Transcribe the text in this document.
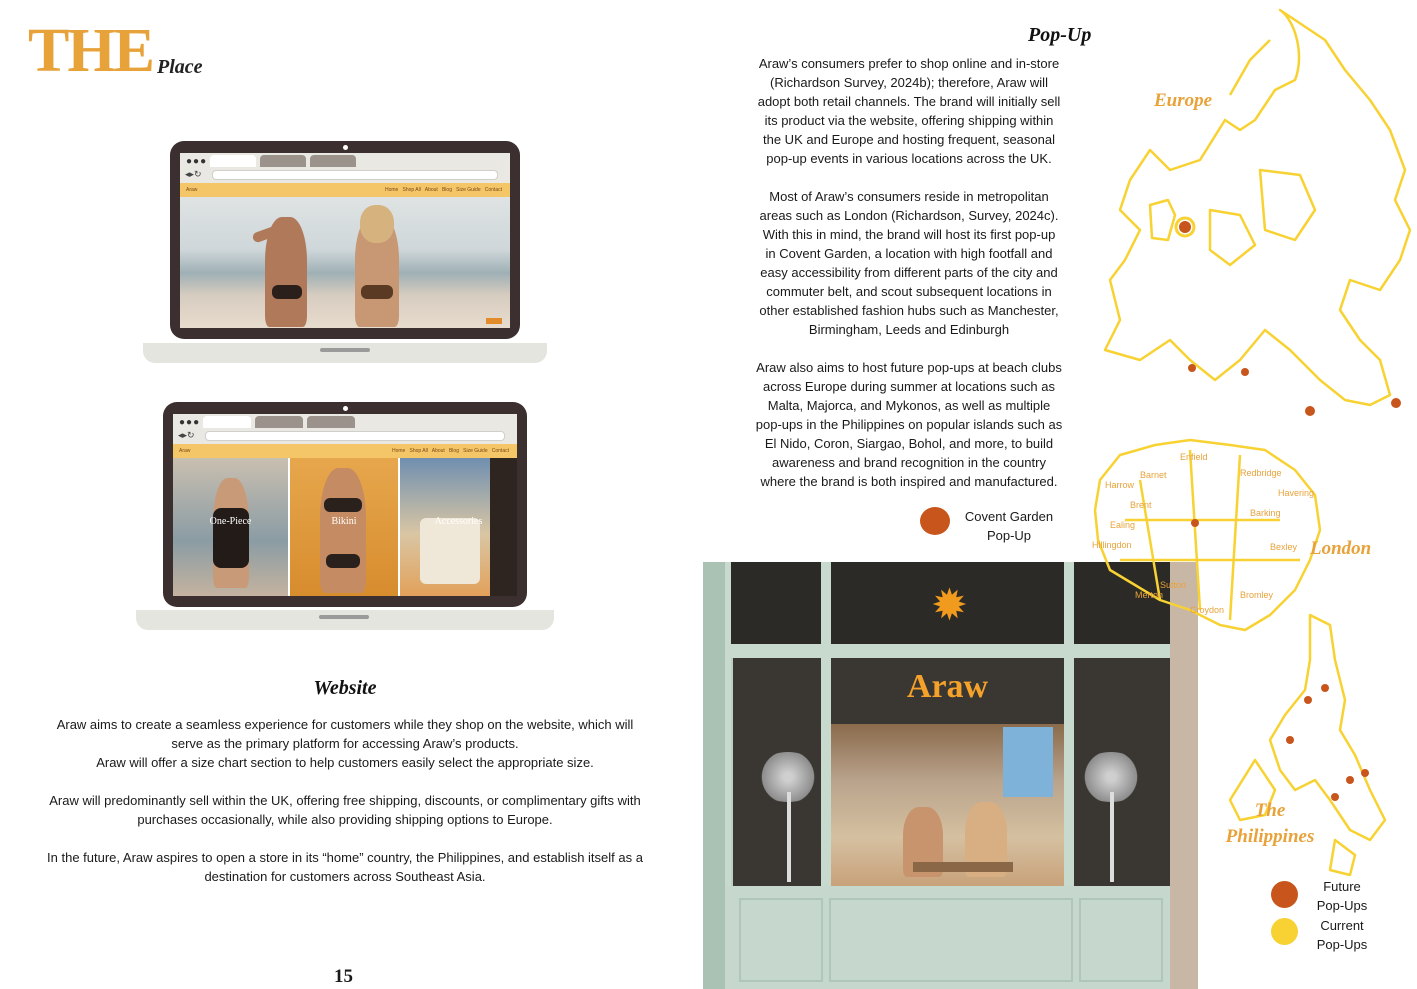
THE Place
●●●
◂▸↻
Araw	Home   Shop All   About   Blog   Size Guide   Contact
●●●
◂▸↻
Araw	Home   Shop All   About   Blog   Size Guide   Contact
One-Piece	Bikini	Accessories
Website
Araw aims to create a seamless experience for customers while they shop on the website, which will
serve as the primary platform for accessing Araw’s products.
Araw will offer a size chart section to help customers easily select the appropriate size.
Araw will predominantly sell within the UK, offering free shipping, discounts, or complimentary gifts with
purchases occasionally, while also providing shipping options to Europe.
In the future, Araw aspires to open a store in its “home” country, the Philippines, and establish itself as a
destination for customers across Southeast Asia.
15
Pop-Up
Araw’s consumers prefer to shop online and in-store
(Richardson Survey, 2024b); therefore, Araw will
adopt both retail channels. The brand will initially sell
its product via the website, offering shipping within
the UK and Europe and hosting frequent, seasonal
pop-up events in various locations across the UK.
Most of Araw’s consumers reside in metropolitan
areas such as London (Richardson, Survey, 2024c).
With this in mind, the brand will host its first pop-up
in Covent Garden, a location with high footfall and
easy accessibility from different parts of the city and
commuter belt, and scout subsequent locations in
other established fashion hubs such as Manchester,
Birmingham, Leeds and Edinburgh
Araw also aims to host future pop-ups at beach clubs
across Europe during summer at locations such as
Malta, Majorca, and Mykonos, as well as multiple
pop-ups in the Philippines on popular islands such as
El Nido, Coron, Siargao, Bohol, and more, to build
awareness and brand recognition in the country
where the brand is both inspired and manufactured.
Covent Garden
Pop-Up
✹
Araw
Enfield
Barnet
Harrow
Brent
Ealing
Hillingdon
Redbridge
Havering
Barking
Bexley
Bromley
Croydon
Merton
Sutton
Europe
London
The
Philippines
Future
Pop-Ups
Current
Pop-Ups
